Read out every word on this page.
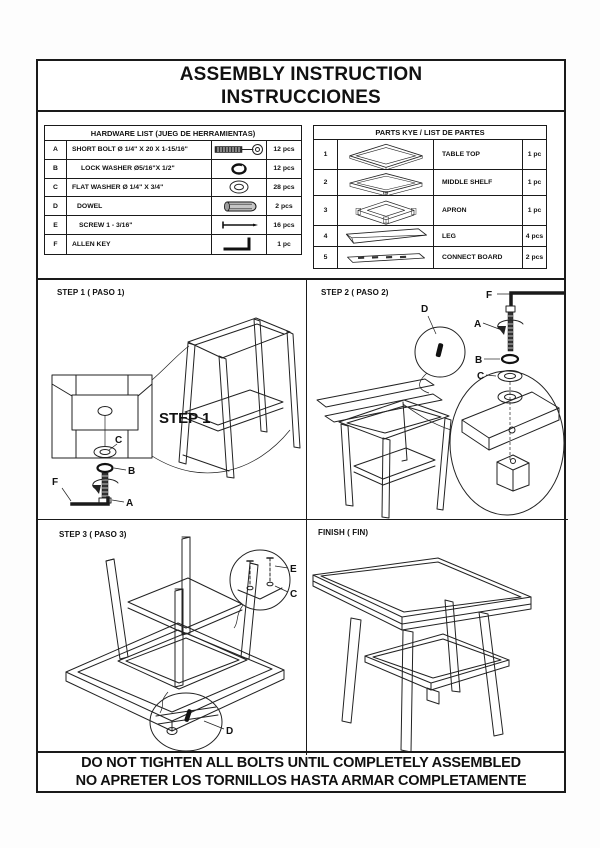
ASSEMBLY INSTRUCTION
INSTRUCCIONES
HARDWARE LIST (JUEG DE HERRAMIENTAS)
A	SHORT BOLT Ø 1/4" X 20 X 1-15/16"	12 pcs
B	LOCK WASHER Ø5/16"X 1/2"	12 pcs
C	FLAT WASHER Ø 1/4" X 3/4"	28 pcs
D	DOWEL	2 pcs
E	SCREW 1 - 3/16"	16 pcs
F	ALLEN KEY	1 pc
PARTS KYE / LIST DE PARTES
1	TABLE TOP	1 pc
2	MIDDLE SHELF	1 pc
3	APRON	1 pc
4	LEG	4 pcs
5	CONNECT BOARD	2 pcs
STEP 1 ( PASO 1)
C
B
A
F
STEP 1
STEP 2 ( PASO 2)	F
A
B
C
D
STEP 3 ( PASO 3)
E
C
D
FINISH ( FIN)
DO NOT TIGHTEN ALL BOLTS UNTIL COMPLETELY ASSEMBLED
NO APRETER LOS TORNILLOS HASTA ARMAR COMPLETAMENTE
